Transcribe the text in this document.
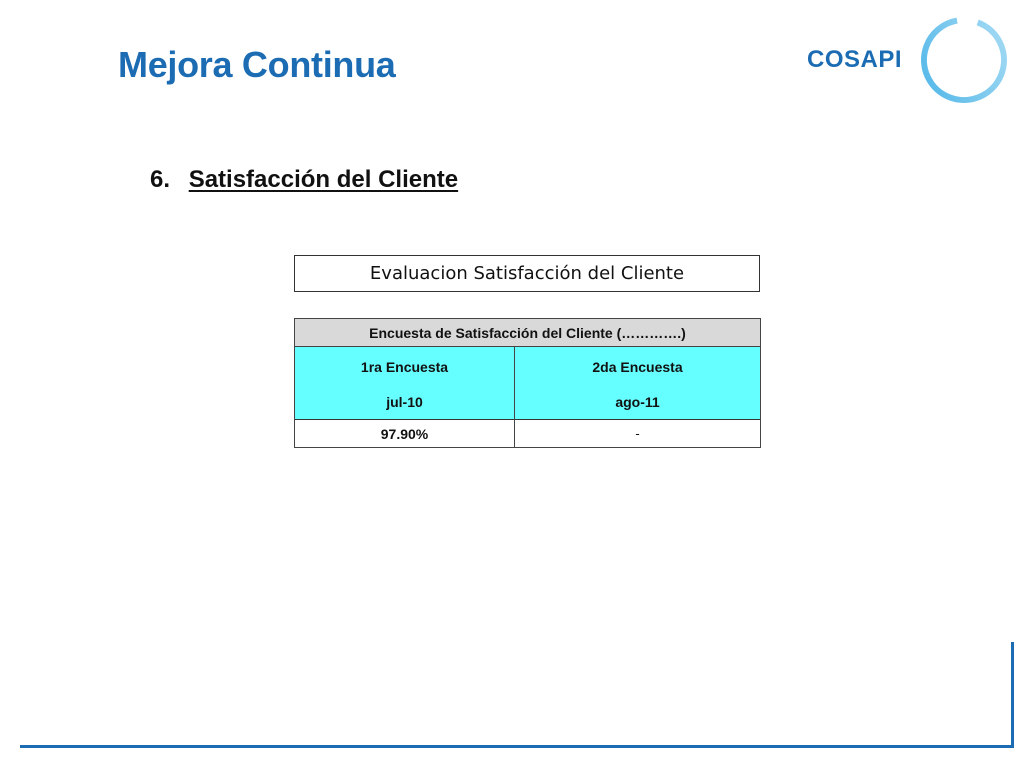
Mejora Continua	COSAPI
6. Satisfacción del Cliente
Evaluacion Satisfacción del Cliente
Encuesta de Satisfacción del Cliente (………….)	
1ra Encuesta	2da Encuesta
jul-10	ago-11
97.90%	-
